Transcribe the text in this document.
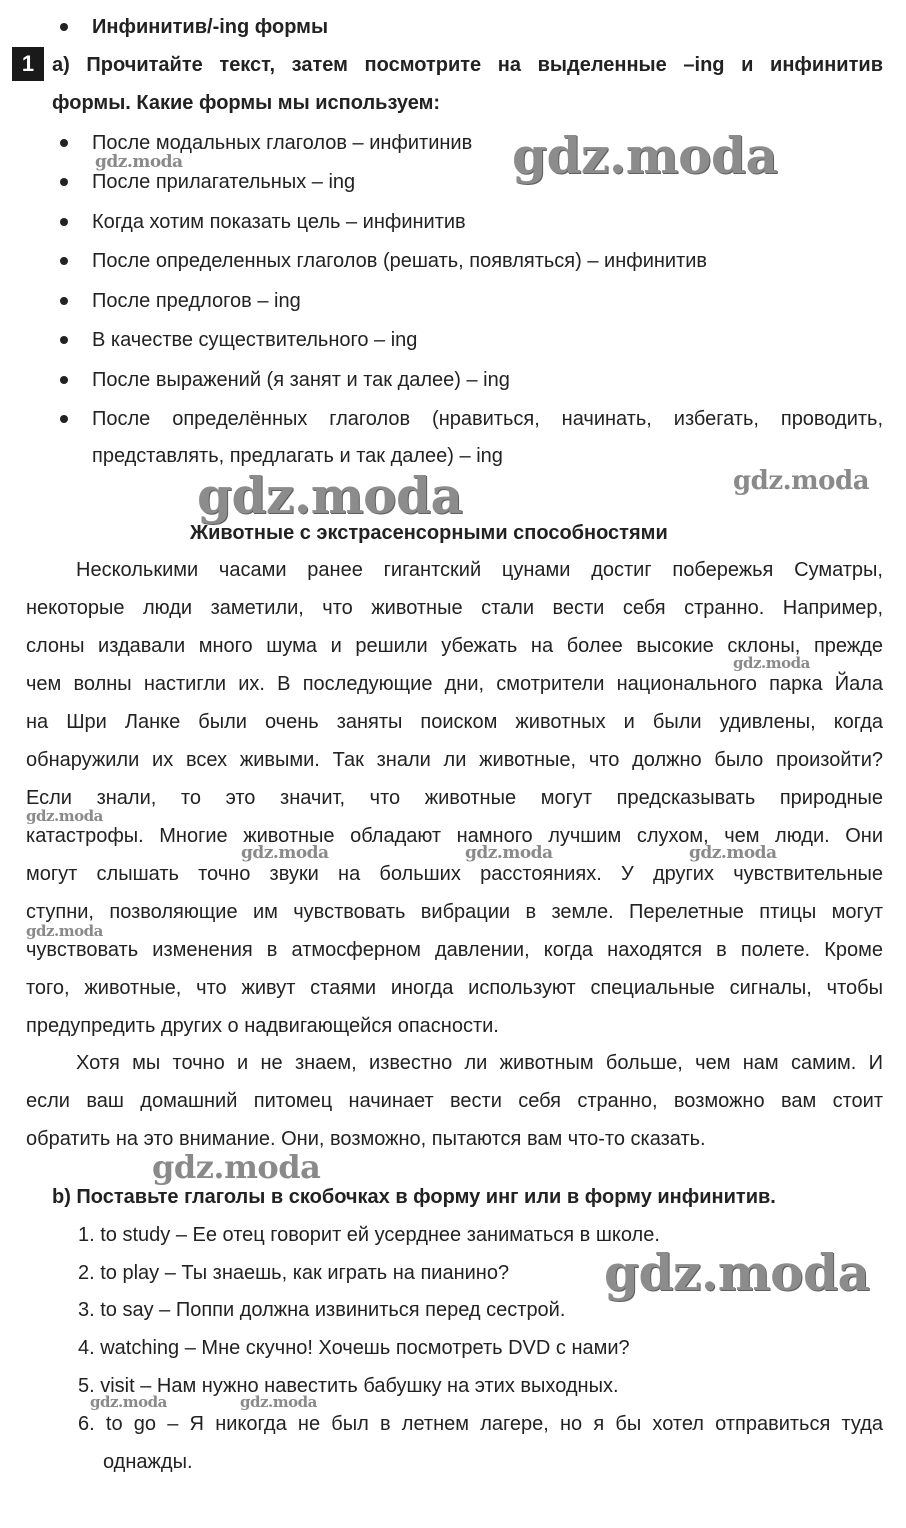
Инфинитив/-ing формы
1 a) Прочитайте текст, затем посмотрите на выделенные –ing и инфинитив
формы. Какие формы мы используем:
После модальных глаголов – инфитинив
После прилагательных – ing
Когда хотим показать цель – инфинитив
После определенных глаголов (решать, появляться) – инфинитив
После предлогов – ing
В качестве существительного – ing
После выражений (я занят и так далее) – ing
После определённых глаголов (нравиться, начинать, избегать, проводить,
представлять, предлагать и так далее) – ing
Животные с экстрасенсорными способностями
Несколькими часами ранее гигантский цунами достиг побережья Суматры,
некоторые люди заметили, что животные стали вести себя странно. Например,
слоны издавали много шума и решили убежать на более высокие склоны, прежде
чем волны настигли их. В последующие дни, смотрители национального парка Йала
на Шри Ланке были очень заняты поиском животных и были удивлены, когда
обнаружили их всех живыми. Так знали ли животные, что должно было произойти?
Если знали, то это значит, что животные могут предсказывать природные
катастрофы. Многие животные обладают намного лучшим слухом, чем люди. Они
могут слышать точно звуки на больших расстояниях. У других чувствительные
ступни, позволяющие им чувствовать вибрации в земле. Перелетные птицы могут
чувствовать изменения в атмосферном давлении, когда находятся в полете. Кроме
того, животные, что живут стаями иногда используют специальные сигналы, чтобы
предупредить других о надвигающейся опасности.
Хотя мы точно и не знаем, известно ли животным больше, чем нам самим. И
если ваш домашний питомец начинает вести себя странно, возможно вам стоит
обратить на это внимание. Они, возможно, пытаются вам что-то сказать.
b) Поставьте глаголы в скобочках в форму инг или в форму инфинитив.
1. to study – Ее отец говорит ей усерднее заниматься в школе.
2. to play – Ты знаешь, как играть на пианино?
3. to say – Поппи должна извиниться перед сестрой.
4. watching – Мне скучно! Хочешь посмотреть DVD с нами?
5. visit – Нам нужно навестить бабушку на этих выходных.
6. to go – Я никогда не был в летнем лагере, но я бы хотел отправиться туда
однажды.
gdz.moda
gdz.moda
gdz.moda	gdz.moda
gdz.moda
gdz.moda
gdz.moda	gdz.moda	gdz.moda
gdz.moda
gdz.moda
gdz.moda
gdz.moda	gdz.moda
